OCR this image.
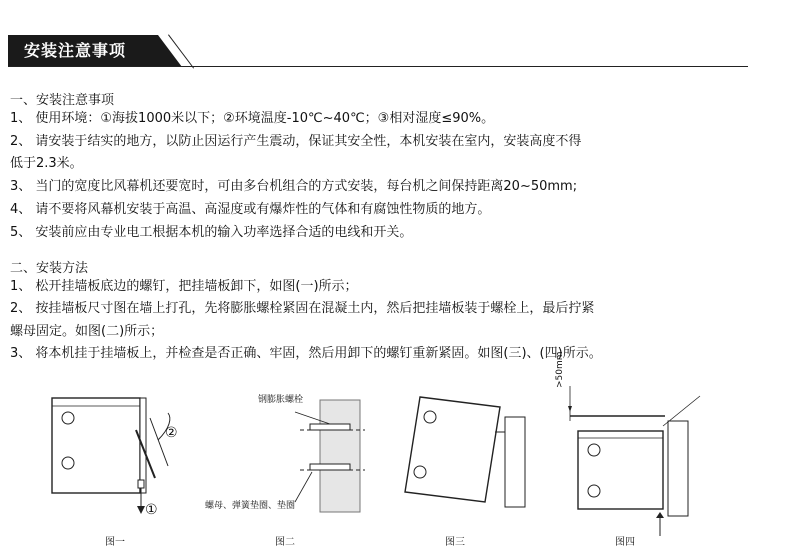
安装注意事项
一、安装注意事项
1、 使用环境：①海拔1000米以下；②环境温度-10℃~40℃；③相对湿度≤90%。
2、 请安装于结实的地方，以防止因运行产生震动，保证其安全性，本机安装在室内，安装高度不得
低于2.3米。
3、 当门的宽度比风幕机还要宽时，可由多台机组合的方式安装，每台机之间保持距离20~50mm;
4、 请不要将风幕机安装于高温、高湿度或有爆炸性的气体和有腐蚀性物质的地方。
5、 安装前应由专业电工根据本机的输入功率选择合适的电线和开关。
二、安装方法
1、 松开挂墙板底边的螺钉，把挂墙板卸下，如图(一)所示；
2、 按挂墙板尺寸图在墙上打孔，先将膨胀螺栓紧固在混凝土内，然后把挂墙板装于螺栓上，最后拧紧
螺母固定。如图(二)所示；
3、 将本机挂于挂墙板上，并检查是否正确、牢固，然后用卸下的螺钉重新紧固。如图(三)、(四)所示。
②
①
图一
钢膨胀螺栓
螺母、弹簧垫圈、垫圈
图二	图三
>50mm
图四
